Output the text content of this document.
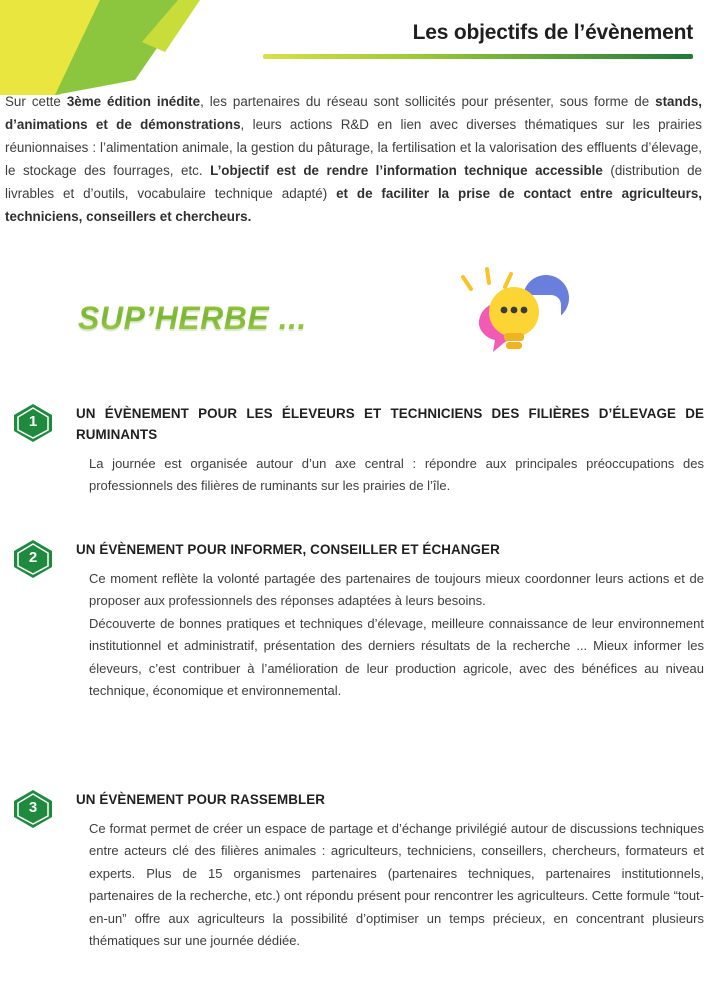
Les objectifs de l’évènement
Sur cette 3ème édition inédite, les partenaires du réseau sont sollicités pour présenter, sous forme de stands, d’animations et de démonstrations, leurs actions R&D en lien avec diverses thématiques sur les prairies réunionnaises : l’alimentation animale, la gestion du pâturage, la fertilisation et la valorisation des effluents d’élevage, le stockage des fourrages, etc. L’objectif est de rendre l’information technique accessible (distribution de livrables et d’outils, vocabulaire technique adapté) et de faciliter la prise de contact entre agriculteurs, techniciens, conseillers et chercheurs.
SUP’HERBE ...
1	UN ÉVÈNEMENT POUR LES ÉLEVEURS ET TECHNICIENS DES FILIÈRES D’ÉLEVAGE DE RUMINANTS

La journée est organisée autour d’un axe central : répondre aux principales préoccupations des professionnels des filières de ruminants sur les prairies de l’île.

2	UN ÉVÈNEMENT POUR INFORMER, CONSEILLER ET ÉCHANGER

Ce moment reflète la volonté partagée des partenaires de toujours mieux coordonner leurs actions et de proposer aux professionnels des réponses adaptées à leurs besoins.

Découverte de bonnes pratiques et techniques d’élevage, meilleure connaissance de leur environnement institutionnel et administratif, présentation des derniers résultats de la recherche ... Mieux informer les éleveurs, c’est contribuer à l’amélioration de leur production agricole, avec des bénéfices au niveau technique, économique et environnemental.

3	UN ÉVÈNEMENT POUR RASSEMBLER

Ce format permet de créer un espace de partage et d’échange privilégié autour de discussions techniques entre acteurs clé des filières animales : agriculteurs, techniciens, conseillers, chercheurs, formateurs et experts. Plus de 15 organismes partenaires (partenaires techniques, partenaires institutionnels, partenaires de la recherche, etc.) ont répondu présent pour rencontrer les agriculteurs. Cette formule “tout-en-un” offre aux agriculteurs la possibilité d’optimiser un temps précieux, en concentrant plusieurs thématiques sur une journée dédiée.
